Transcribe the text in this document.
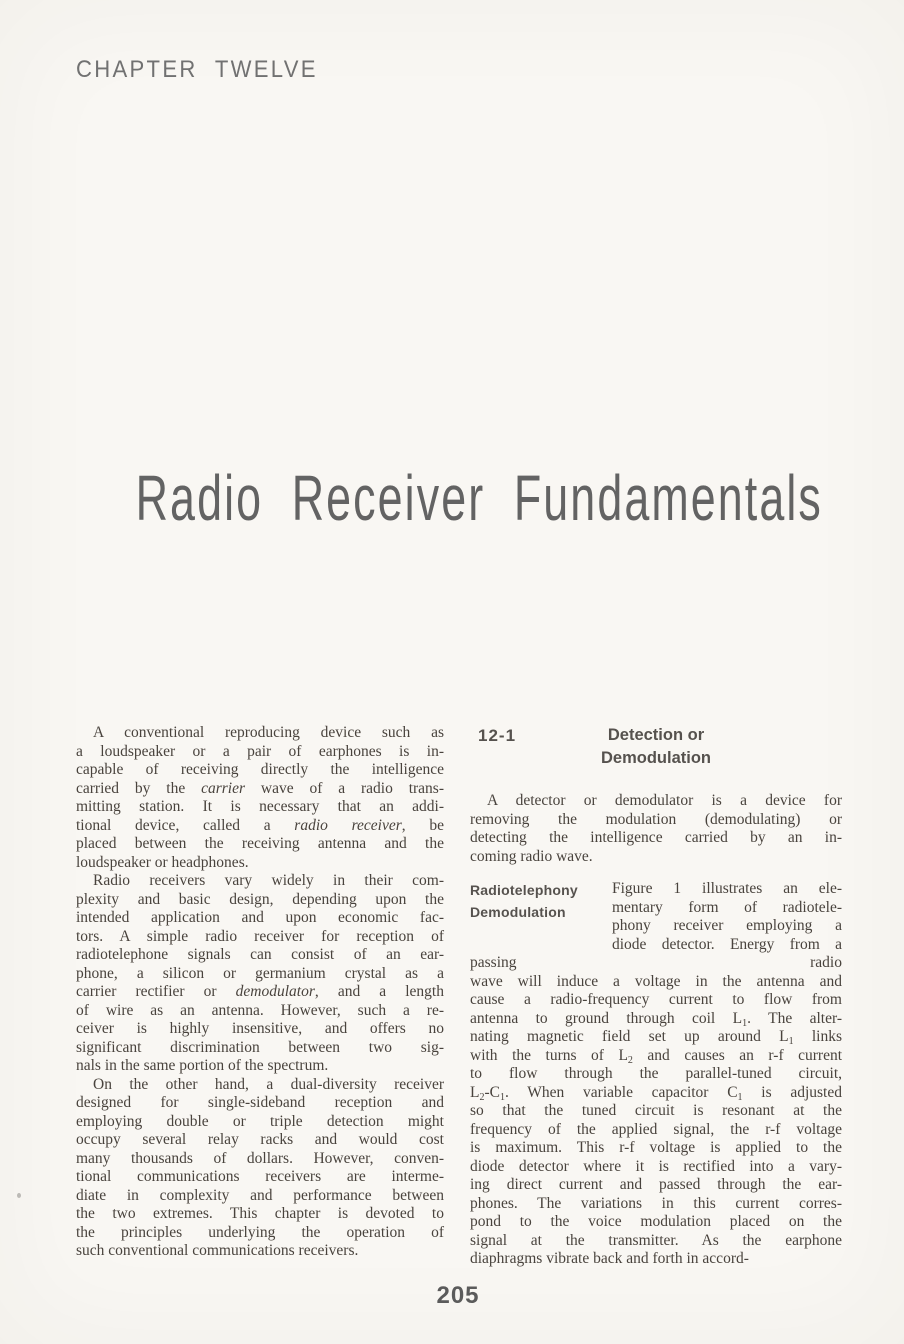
CHAPTER TWELVE
Radio Receiver Fundamentals
A conventional reproducing device such as
a loudspeaker or a pair of earphones is in-
capable of receiving directly the intelligence
carried by the carrier wave of a radio trans-
mitting station. It is necessary that an addi-
tional device, called a radio receiver, be
placed between the receiving antenna and the
loudspeaker or headphones.
Radio receivers vary widely in their com-
plexity and basic design, depending upon the
intended application and upon economic fac-
tors. A simple radio receiver for reception of
radiotelephone signals can consist of an ear-
phone, a silicon or germanium crystal as a
carrier rectifier or demodulator, and a length
of wire as an antenna. However, such a re-
ceiver is highly insensitive, and offers no
significant discrimination between two sig-
nals in the same portion of the spectrum.
On the other hand, a dual-diversity receiver
designed for single-sideband reception and
employing double or triple detection might
occupy several relay racks and would cost
many thousands of dollars. However, conven-
tional communications receivers are interme-
diate in complexity and performance between
the two extremes. This chapter is devoted to
the principles underlying the operation of
such conventional communications receivers.
12-1	Detection or
Demodulation
A detector or demodulator is a device for
removing the modulation (demodulating) or
detecting the intelligence carried by an in-
coming radio wave.
Radiotelephony
Demodulation
Figure 1 illustrates an ele-
mentary form of radiotele-
phony receiver employing a
diode detector. Energy from a passing radio
wave will induce a voltage in the antenna and
cause a radio-frequency current to flow from
antenna to ground through coil $L_1$. The alter-
nating magnetic field set up around $L_1$ links
with the turns of $L_2$ and causes an r-f current
to flow through the parallel-tuned circuit,
$L_2-C_1$. When variable capacitor $C_1$ is adjusted
so that the tuned circuit is resonant at the
frequency of the applied signal, the r-f voltage
is maximum. This r-f voltage is applied to the
diode detector where it is rectified into a vary-
ing direct current and passed through the ear-
phones. The variations in this current corres-
pond to the voice modulation placed on the
signal at the transmitter. As the earphone
diaphragms vibrate back and forth in accord-
205
